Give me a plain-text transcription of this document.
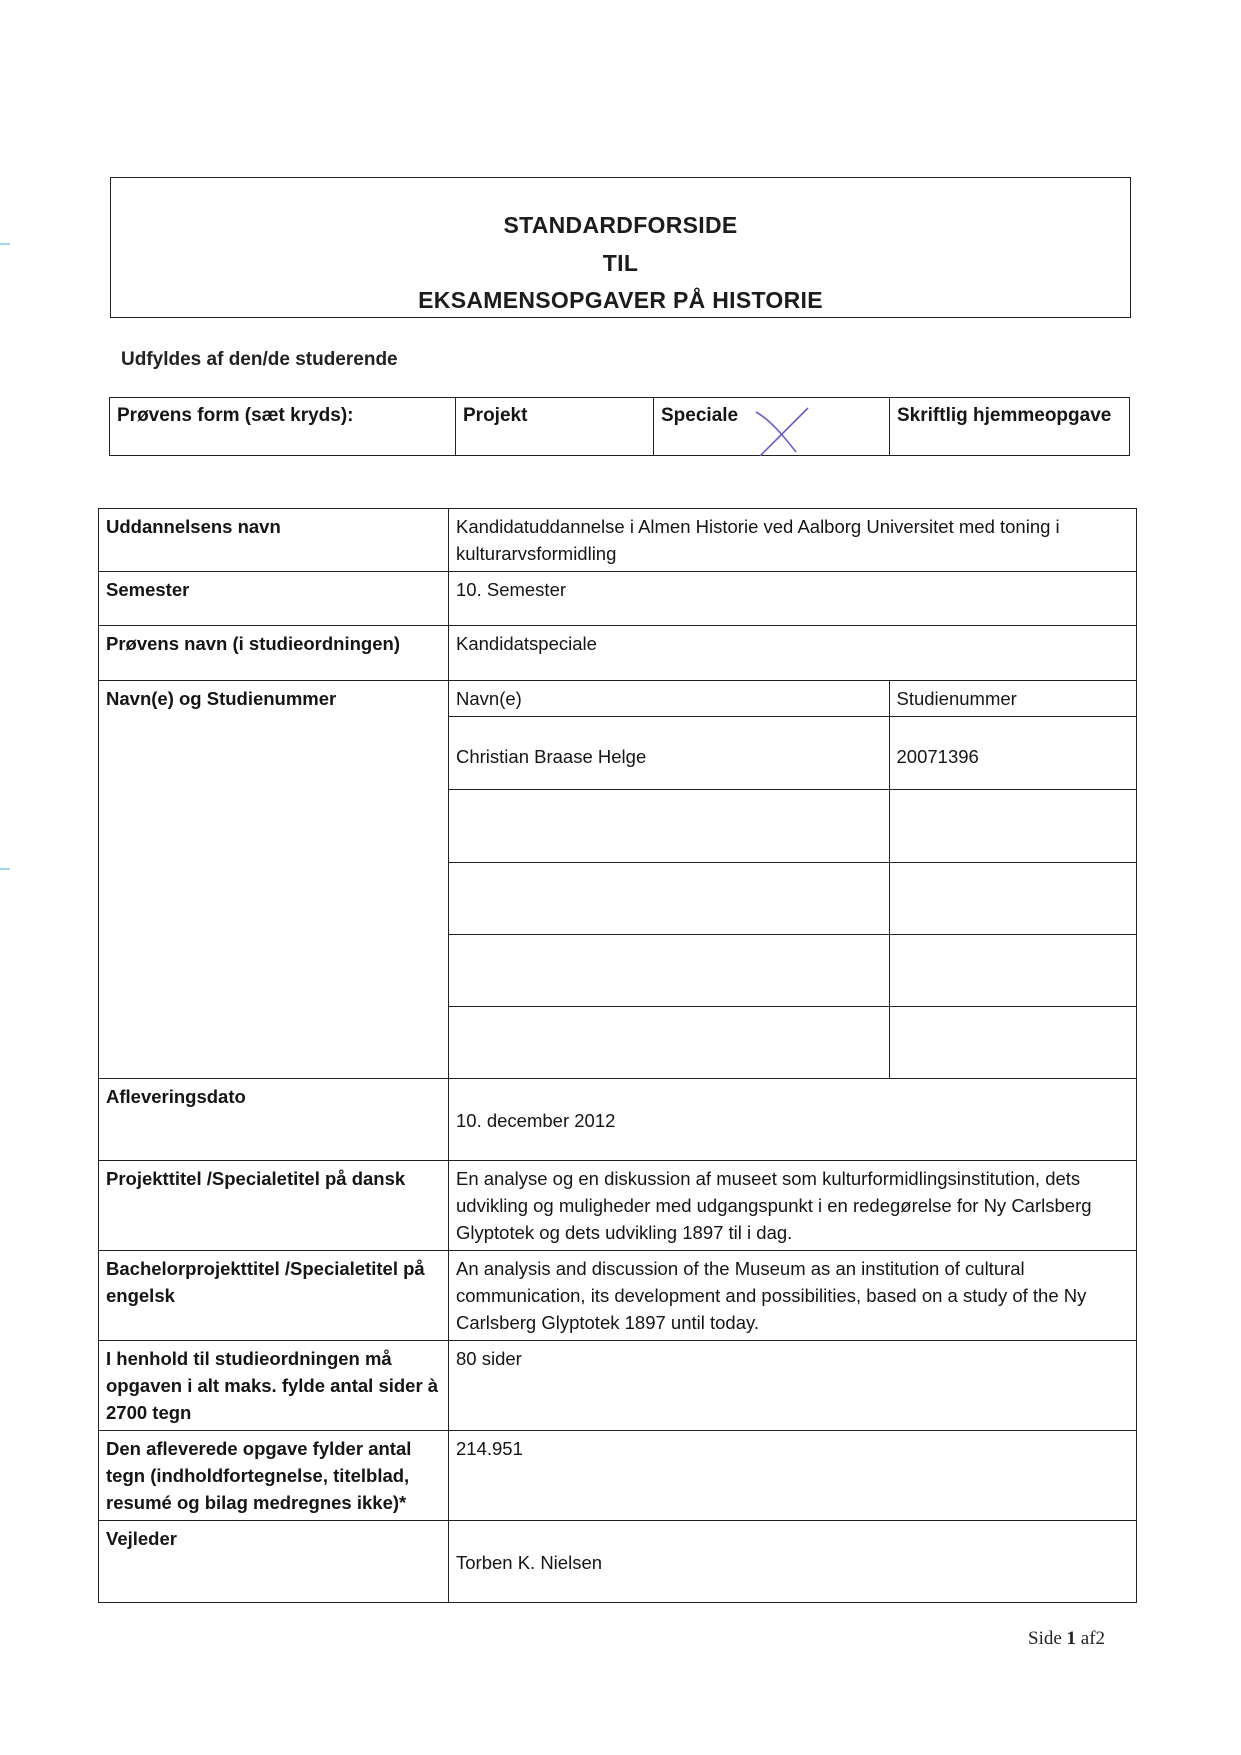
STANDARDFORSIDE
TIL
EKSAMENSOPGAVER PÅ HISTORIE
Udfyldes af den/de studerende
Prøvens form (sæt kryds):	Projekt	Speciale	Skriftlig hjemmeopgave
Uddannelsens navn	Kandidatuddannelse i Almen Historie ved Aalborg Universitet med toning i kulturarvsformidling
Semester	10. Semester
Prøvens navn (i studieordningen)	Kandidatspeciale
Navn(e) og Studienummer		Navn(e)	Studienummer
Christian Braase Helge	20071396

Afleveringsdato	10. december 2012
Projekttitel /Specialetitel på dansk	En analyse og en diskussion af museet som kulturformidlingsinstitution, dets udvikling og muligheder med udgangspunkt i en redegørelse for Ny Carlsberg Glyptotek og dets udvikling 1897 til i dag.
Bachelorprojekttitel /Specialetitel på engelsk	An analysis and discussion of the Museum as an institution of cultural communication, its development and possibilities, based on a study of the Ny Carlsberg Glyptotek 1897 until today.
I henhold til studieordningen må opgaven i alt maks. fylde antal sider à 2700 tegn	80 sider
Den afleverede opgave fylder antal tegn (indholdfortegnelse, titelblad, resumé og bilag medregnes ikke)*	214.951
Vejleder	Torben K. Nielsen
Side 1 af2
